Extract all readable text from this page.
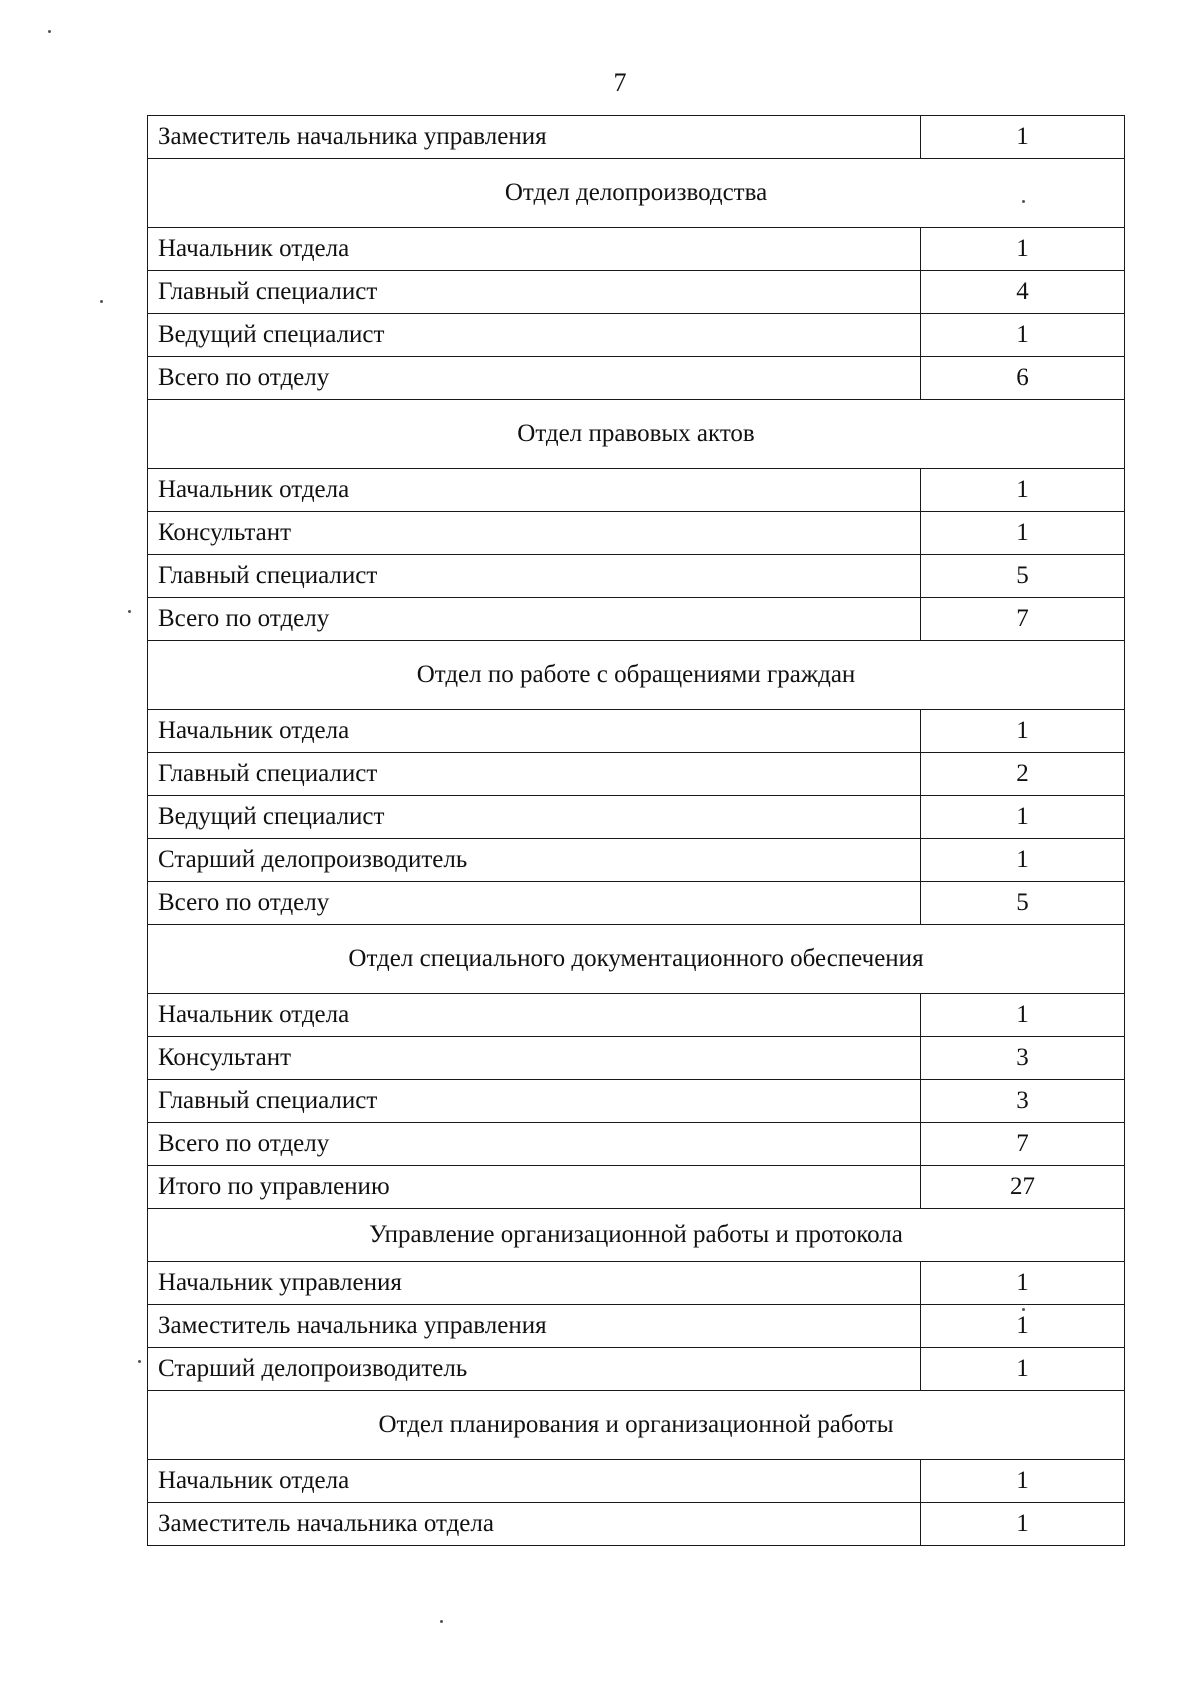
7
Заместитель начальника управления	1
Отдел делопроизводства	
Начальник отдела	1
Главный специалист	4
Ведущий специалист	1
Всего по отделу	6
Отдел правовых актов	
Начальник отдела	1
Консультант	1
Главный специалист	5
Всего по отделу	7
Отдел по работе с обращениями граждан	
Начальник отдела	1
Главный специалист	2
Ведущий специалист	1
Старший делопроизводитель	1
Всего по отделу	5
Отдел специального документационного обеспечения	
Начальник отдела	1
Консультант	3
Главный специалист	3
Всего по отделу	7
Итого по управлению	27
Управление организационной работы и протокола	
Начальник управления	1
Заместитель начальника управления	1
Старший делопроизводитель	1
Отдел планирования и организационной работы	
Начальник отдела	1
Заместитель начальника отдела	1
